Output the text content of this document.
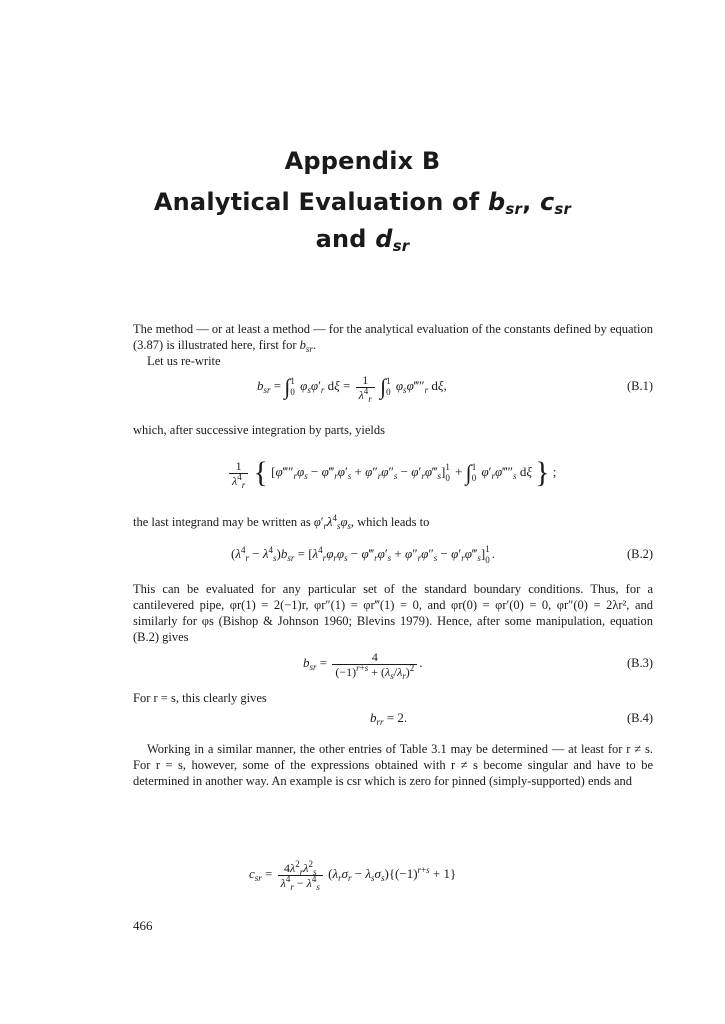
Appendix B
Analytical Evaluation of $b_{sr}$, $c_{sr}$
and $d_{sr}$
The method — or at least a method — for the analytical evaluation of the constants defined by equation (3.87) is illustrated here, first for $b_{sr}$.
Let us re-write
$b_{sr}$ = ∫ 1
0 $\varphi_s\varphi'_r$ $d\xi = \frac{1}{\lambda^4_r}$ ∫ 1
0 $\varphi_s\varphi‴''_r$ dξ,	(B.1)
which, after successive integration by parts, yields
$\frac{1}{\lambda^4_r}$ { [$\varphi‴''_r\varphi_s$ − $\varphi‴_r\varphi'_s + \varphi''_r\varphi''_s$ − $\varphi'_r\varphi‴_s$] 1
0 + ∫ 1
0 $\varphi'_r\varphi‴''_s$ dξ } ;
the last integrand may be written as $\varphi'_r\lambda^4_s\varphi_s$, which leads to
$(\lambda^4_r - \lambda^4_s)b_{sr} = [\lambda^4_r\varphi_r\varphi_s$ − $\varphi‴_r\varphi'_s + \varphi''_r\varphi''_s$ − $\varphi'_r\varphi‴_s$] 1
0 .	(B.2)
This can be evaluated for any particular set of the standard boundary conditions. Thus, for a cantilevered pipe, φr(1) = 2(−1)r, φr″(1) = φr‴(1) = 0, and φr(0) = φr′(0) = 0, φr″(0) = 2λr², and similarly for φs (Bishop & Johnson 1960; Blevins 1979). Hence, after some manipulation, equation (B.2) gives
$b_{sr} = \frac{4}{(-1)^{r+s} + (\lambda_s/\lambda_r)^2}$ .	(B.3)
For r = s, this clearly gives
$b_{rr} = 2$.	(B.4)
Working in a similar manner, the other entries of Table 3.1 may be determined — at least for r ≠ s. For r = s, however, some of the expressions obtained with r ≠ s become singular and have to be determined in another way. An example is csr which is zero for pinned (simply-supported) ends and
$c_{sr} = \frac{4\lambda^2_r\lambda^2_s}{\lambda^4_r - \lambda^4_s} (\lambda_r\sigma_r - \lambda_s\sigma_s)\{(-1)^{r+s} + 1\}$
466
